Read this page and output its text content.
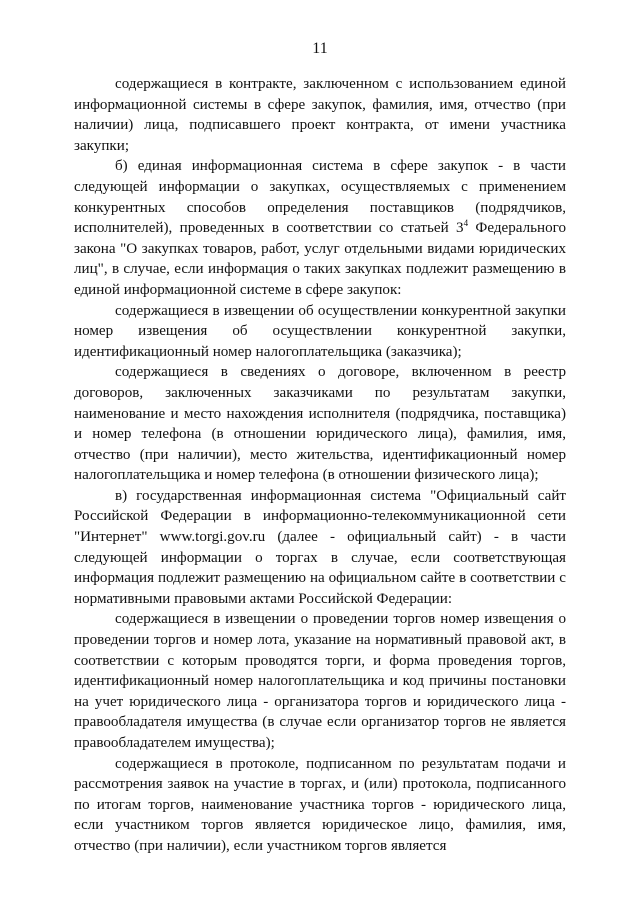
11

содержащиеся в контракте, заключенном с использованием единой информационной системы в сфере закупок, фамилия, имя, отчество (при наличии) лица, подписавшего проект контракта, от имени участника закупки;

б) единая информационная система в сфере закупок - в части следующей информации о закупках, осуществляемых с применением конкурентных способов определения поставщиков (подрядчиков, исполнителей), проведенных в соответствии со статьей $3^4$ Федерального закона "О закупках товаров, работ, услуг отдельными видами юридических лиц", в случае, если информация о таких закупках подлежит размещению в единой информационной системе в сфере закупок:

содержащиеся в извещении об осуществлении конкурентной закупки номер извещения об осуществлении конкурентной закупки, идентификационный номер налогоплательщика (заказчика);

содержащиеся в сведениях о договоре, включенном в реестр договоров, заключенных заказчиками по результатам закупки, наименование и место нахождения исполнителя (подрядчика, поставщика) и номер телефона (в отношении юридического лица), фамилия, имя, отчество (при наличии), место жительства, идентификационный номер налогоплательщика и номер телефона (в отношении физического лица);

в) государственная информационная система "Официальный сайт Российской Федерации в информационно-телекоммуникационной сети "Интернет" www.torgi.gov.ru (далее - официальный сайт) - в части следующей информации о торгах в случае, если соответствующая информация подлежит размещению на официальном сайте в соответствии с нормативными правовыми актами Российской Федерации:

содержащиеся в извещении о проведении торгов номер извещения о проведении торгов и номер лота, указание на нормативный правовой акт, в соответствии с которым проводятся торги, и форма проведения торгов, идентификационный номер налогоплательщика и код причины постановки на учет юридического лица - организатора торгов и юридического лица - правообладателя имущества (в случае если организатор торгов не является правообладателем имущества);

содержащиеся в протоколе, подписанном по результатам подачи и рассмотрения заявок на участие в торгах, и (или) протокола, подписанного по итогам торгов, наименование участника торгов - юридического лица, если участником торгов является юридическое лицо, фамилия, имя, отчество (при наличии), если участником торгов является
